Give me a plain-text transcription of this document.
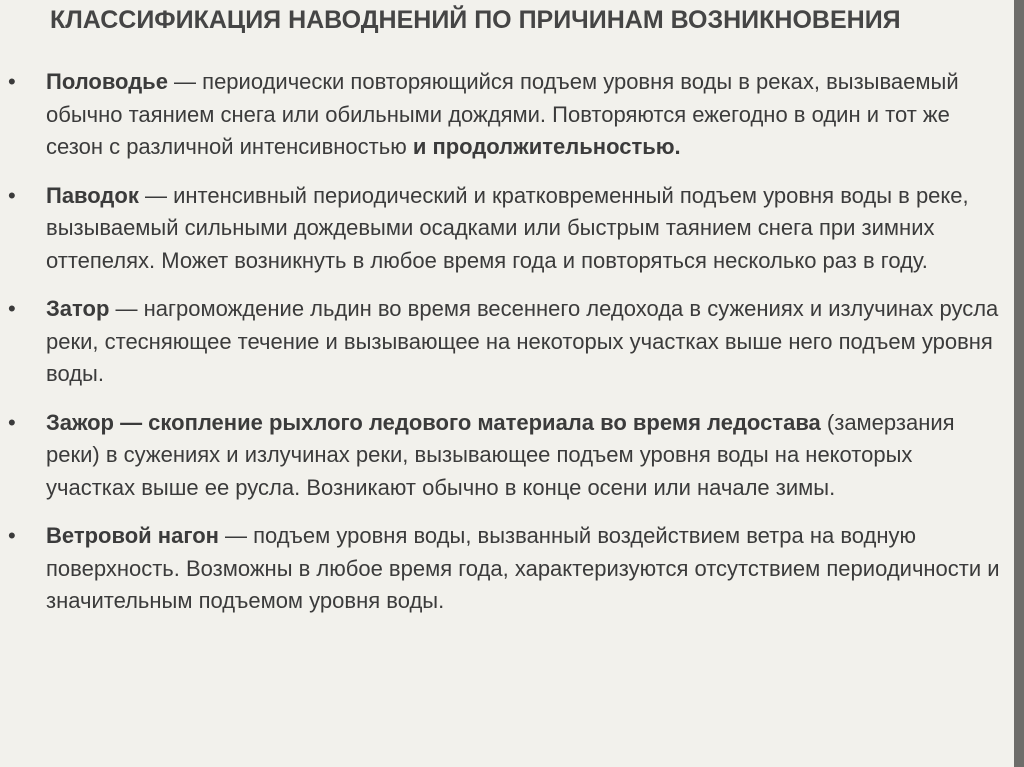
КЛАССИФИКАЦИЯ НАВОДНЕНИЙ ПО ПРИЧИНАМ ВОЗНИКНОВЕНИЯ
• Половодье — периодически повторяющийся подъем уровня воды в реках, вызываемый обычно таянием снега или обильными дождями. Повторяются ежегодно в один и тот же сезон с различной интенсивностью и продолжительностью.
• Паводок — интенсивный периодический и кратковременный подъем уровня воды в реке, вызываемый сильными дождевыми осадками или быстрым таянием снега при зимних оттепелях. Может возникнуть в любое время года и повторяться несколько раз в году.
• Затор — нагромождение льдин во время весеннего ледохода в сужениях и излучинах русла реки, стесняющее течение и вызывающее на некоторых участках выше него подъем уровня воды.
• Зажор — скопление рыхлого ледового материала во время ледостава (замерзания реки) в сужениях и излучинах реки, вызывающее подъем уровня воды на некоторых участках выше ее русла. Возникают обычно в конце осени или начале зимы.
• Ветровой нагон — подъем уровня воды, вызванный воздействием ветра на водную поверхность. Возможны в любое время года, характеризуются отсутствием периодичности и значительным подъемом уровня воды.
